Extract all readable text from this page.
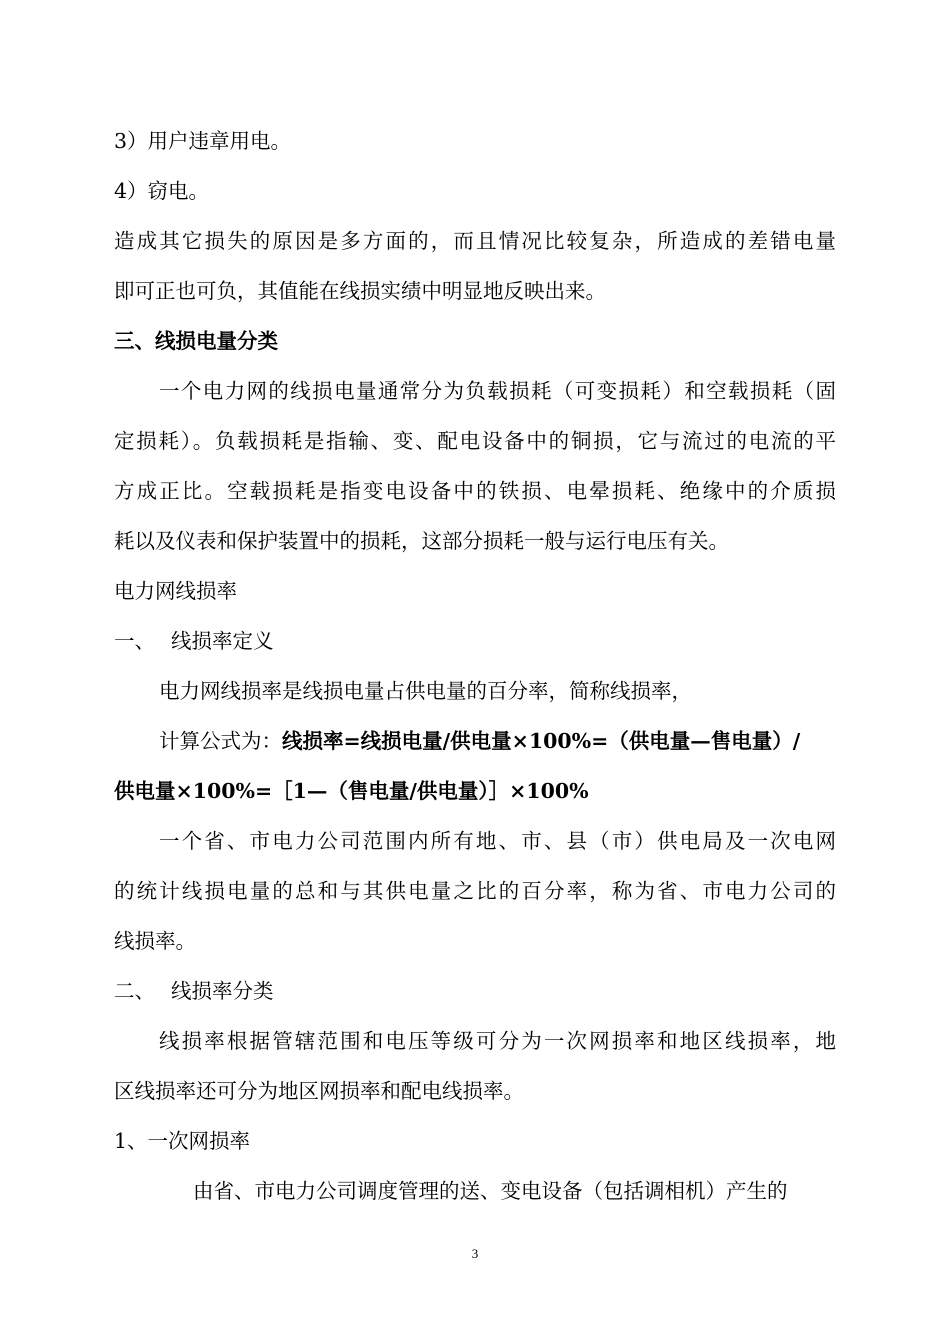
3）用户违章用电。
4）窃电。
造成其它损失的原因是多方面的，而且情况比较复杂，所造成的差错电量
即可正也可负，其值能在线损实绩中明显地反映出来。
三、线损电量分类
一个电力网的线损电量通常分为负载损耗（可变损耗）和空载损耗（固
定损耗）。负载损耗是指输、变、配电设备中的铜损，它与流过的电流的平
方成正比。空载损耗是指变电设备中的铁损、电晕损耗、绝缘中的介质损
耗以及仪表和保护装置中的损耗，这部分损耗一般与运行电压有关。
电力网线损率
一、 线损率定义
电力网线损率是线损电量占供电量的百分率，简称线损率，
计算公式为：线损率=线损电量/供电量×100%=（供电量—售电量）/
供电量×100%=［1—（售电量/供电量）］×100%
一个省、市电力公司范围内所有地、市、县（市）供电局及一次电网
的统计线损电量的总和与其供电量之比的百分率，称为省、市电力公司的
线损率。
二、 线损率分类
线损率根据管辖范围和电压等级可分为一次网损率和地区线损率，地
区线损率还可分为地区网损率和配电线损率。
1、一次网损率
由省、市电力公司调度管理的送、变电设备（包括调相机）产生的
3
